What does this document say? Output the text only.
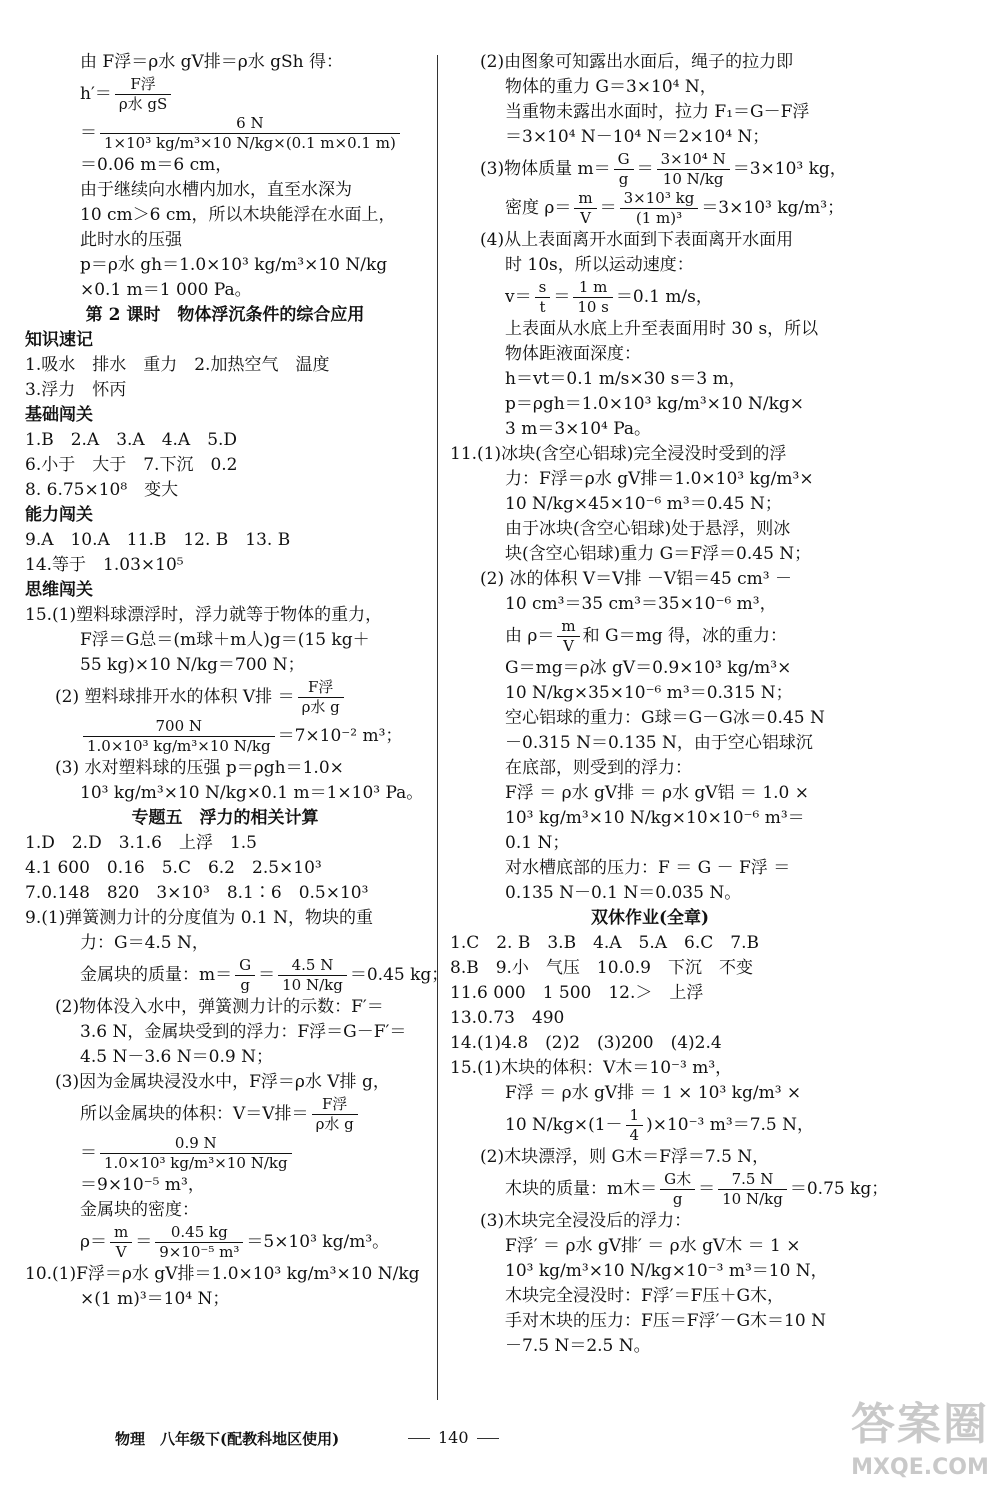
由 F浮＝ρ水 gV排＝ρ水 gSh 得：
$h'= \frac{\text{F浮}}{\text{ρ水 gS}}$
＝ $\frac{6 N}{\text{1×10³ kg/m³×10 N/kg×(0.1 m×0.1 m)}}$
＝0.06 m＝6 cm，
由于继续向水槽内加水，直至水深为
10 cm＞6 cm，所以木块能浮在水面上，
此时水的压强
p＝ρ水 gh＝1.0×10³ kg/m³×10 N/kg
×0.1 m＝1 000 Pa。
第 2 课时　物体浮沉条件的综合应用
知识速记
1.吸水　排水　重力　2.加热空气　温度
3.浮力　怀丙
基础闯关
1.B　2.A　3.A　4.A　5.D
6.小于　大于　7.下沉　0.2
8. 6.75×10⁸　变大
能力闯关
9.A　10.A　11.B　12. B　13. B
14.等于　1.03×10⁵
思维闯关
15.(1)塑料球漂浮时，浮力就等于物体的重力，
F浮＝G总＝(m球＋m人)g＝(15 kg＋
55 kg)×10 N/kg＝700 N；
(2) 塑料球排开水的体积 V排 ＝ $\frac{\text{F浮}}{\text{ρ水 g}}$
$\frac{700 N}{\text{1.0×10³ kg/m³×10 N/kg}} =7\times 10^{-2}$ m³；
(3) 水对塑料球的压强 p＝ρgh＝1.0×
10³ kg/m³×10 N/kg×0.1 m＝1×10³ Pa。
专题五　浮力的相关计算
1.D　2.D　3.1.6　上浮　1.5
4.1 600　0.16　5.C　6.2　2.5×10³
7.0.148　820　3×10³　8.1∶6　0.5×10³
9.(1)弹簧测力计的分度值为 0.1 N，物块的重
力：G＝4.5 N，
金属块的质量：$m= \frac{G}{g} = \frac{4.5 N}{10 N/kg} =0.45$ kg；
(2)物体没入水中，弹簧测力计的示数：F′＝
3.6 N，金属块受到的浮力：F浮＝G－F′＝
4.5 N－3.6 N＝0.9 N；
(3)因为金属块浸没水中，F浮＝ρ水 V排 g，
所以金属块的体积：V＝V排＝ $\frac{\text{F浮}}{\text{ρ水 g}}$
＝ $\frac{0.9 N}{\text{1.0×10³ kg/m³×10 N/kg}}$
＝9×10⁻⁵ m³，
金属块的密度：
$\rho= \frac{m}{V} = \frac{0.45 kg}{\text{9×10⁻⁵ m³}} =5\times 10^3$ kg/m³。
10.(1)F浮＝ρ水 gV排＝1.0×10³ kg/m³×10 N/kg
×(1 m)³＝10⁴ N；
(2)由图象可知露出水面后，绳子的拉力即
物体的重力 G＝3×10⁴ N，
当重物未露出水面时，拉力 F₁＝G－F浮
＝3×10⁴ N－10⁴ N＝2×10⁴ N；
(3)物体质量 $m= \frac{G}{g} = \frac{\text{3×10⁴ N}}{10 N/kg} =3\times 10^3$ kg，
密度 $\rho= \frac{m}{V} = \frac{\text{3×10³ kg}}{\text{(1 m)³}} =3\times 10^3$ kg/m³；
(4)从上表面离开水面到下表面离开水面用
时 10s，所以运动速度：
$v= \frac{s}{t} = \frac{1 m}{10 s} =0.1$ m/s，
上表面从水底上升至表面用时 30 s，所以
物体距液面深度：
h＝vt＝0.1 m/s×30 s＝3 m，
p＝ρgh＝1.0×10³ kg/m³×10 N/kg×
3 m＝3×10⁴ Pa。
11.(1)冰块(含空心铝球)完全浸没时受到的浮
力：F浮＝ρ水 gV排＝1.0×10³ kg/m³×
10 N/kg×45×10⁻⁶ m³＝0.45 N；
由于冰块(含空心铝球)处于悬浮，则冰
块(含空心铝球)重力 G＝F浮＝0.45 N；
(2) 冰的体积 V＝V排 －V铝＝45 cm³ －
10 cm³＝35 cm³＝35×10⁻⁶ m³，
由 $\rho= \frac{m}{V}$ 和 G＝mg 得，冰的重力：
G＝mg＝ρ冰 gV＝0.9×10³ kg/m³×
10 N/kg×35×10⁻⁶ m³＝0.315 N；
空心铝球的重力：G球＝G－G冰＝0.45 N
－0.315 N＝0.135 N，由于空心铝球沉
在底部，则受到的浮力：
F浮 ＝ ρ水 gV排 ＝ ρ水 gV铝 ＝ 1.0 ×
10³ kg/m³×10 N/kg×10×10⁻⁶ m³＝
0.1 N；
对水槽底部的压力：F ＝ G － F浮 ＝
0.135 N－0.1 N＝0.035 N。
双休作业(全章)
1.C　2. B　3.B　4.A　5.A　6.C　7.B
8.B　9.小　气压　10.0.9　下沉　不变
11.6 000　1 500　12.＞　上浮
13.0.73　490
14.(1)4.8　(2)2　(3)200　(4)2.4
15.(1)木块的体积：V木＝10⁻³ m³，
F浮 ＝ ρ水 gV排 ＝ 1 × 10³ kg/m³ ×
10 $N/kg\times(1- \frac{1}{4} )\times 10^{-3}$ m³＝7.5 N，
(2)木块漂浮，则 G木＝F浮＝7.5 N，
木块的质量：m木＝ $\frac{\text{G木}}{g} = \frac{7.5 N}{10 N/kg} =0.75$ kg；
(3)木块完全浸没后的浮力：
F浮′ ＝ ρ水 gV排′ ＝ ρ水 gV木 ＝ 1 ×
10³ kg/m³×10 N/kg×10⁻³ m³＝10 N，
木块完全浸没时：F浮′＝F压＋G木，
手对木块的压力：F压＝F浮′－G木＝10 N
－7.5 N＝2.5 N。
物理　八年级下(配教科地区使用)	140	答案圈
MXQE.COM
